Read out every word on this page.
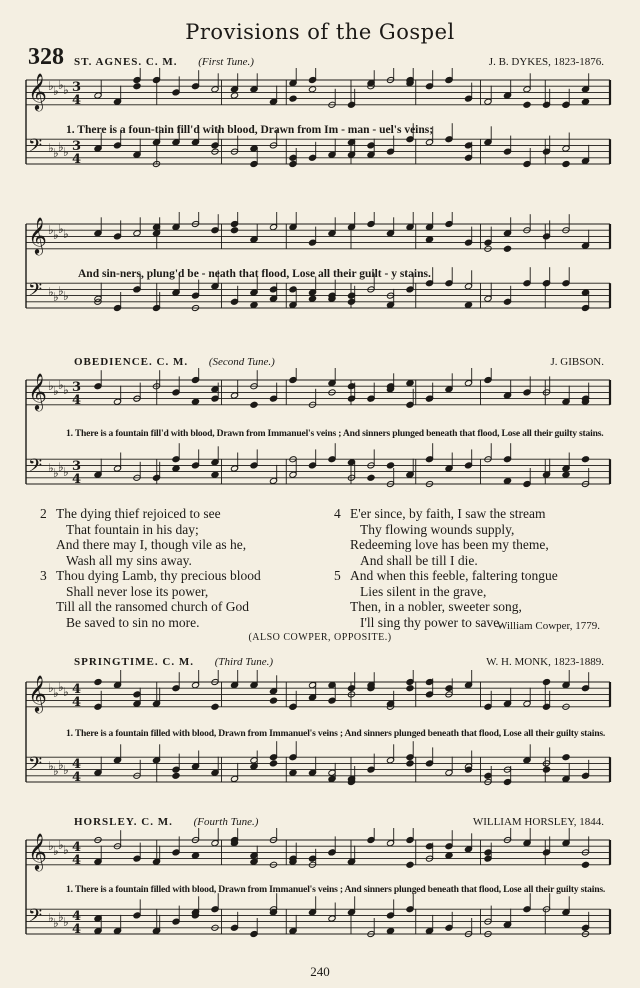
Provisions of the Gospel
328 ST. AGNES. C. M. (First Tune.)	J. B. DYKES, 1823-1876.
𝄞 ♭ ♭ ♭ ♭ 3
4
𝄢 ♭ ♭ ♭ ♭ 3
4
1. There is a foun-tain fill'd with blood, Drawn from Im - man - uel's veins;
𝄞 ♭ ♭ ♭ ♭
𝄢 ♭ ♭ ♭ ♭
And sin-ners, plung'd be - neath that flood, Lose all their guilt - y stains.
OBEDIENCE. C. M. (Second Tune.)	J. GIBSON.
𝄞 ♭ ♭ ♭ ♭ 3
4
𝄢 ♭ ♭ ♭ ♭ 3
4
1. There is a fountain fill'd with blood, Drawn from Immanuel's veins ; And sinners plunged beneath that flood, Lose all their guilty stains.
2 The dying thief rejoiced to see
That fountain in his day;
And there may I, though vile as he,
Wash all my sins away.
3 Thou dying Lamb, thy precious blood
Shall never lose its power,
Till all the ransomed church of God
Be saved to sin no more.
4 E'er since, by faith, I saw the stream
Thy flowing wounds supply,
Redeeming love has been my theme,
And shall be till I die.
5 And when this feeble, faltering tongue
Lies silent in the grave,
Then, in a nobler, sweeter song,
I'll sing thy power to save.
William Cowper, 1779.
(ALSO COWPER, OPPOSITE.)
SPRINGTIME. C. M. (Third Tune.)	W. H. MONK, 1823-1889.
𝄞 ♭ ♭ ♭ ♭ 4
4
𝄢 ♭ ♭ ♭ ♭ 4
4
1. There is a fountain filled with blood, Drawn from Immanuel's veins ; And sinners plunged beneath that flood, Lose all their guilty stains.
HORSLEY. C. M. (Fourth Tune.)	WILLIAM HORSLEY, 1844.
𝄞 ♭ ♭ ♭ ♭ 4
4
𝄢 ♭ ♭ ♭ ♭ 4
4
1. There is a fountain filled with blood, Drawn from Immanuel's veins ; And sinners plunged beneath that flood, Lose all their guilty stains.
240
